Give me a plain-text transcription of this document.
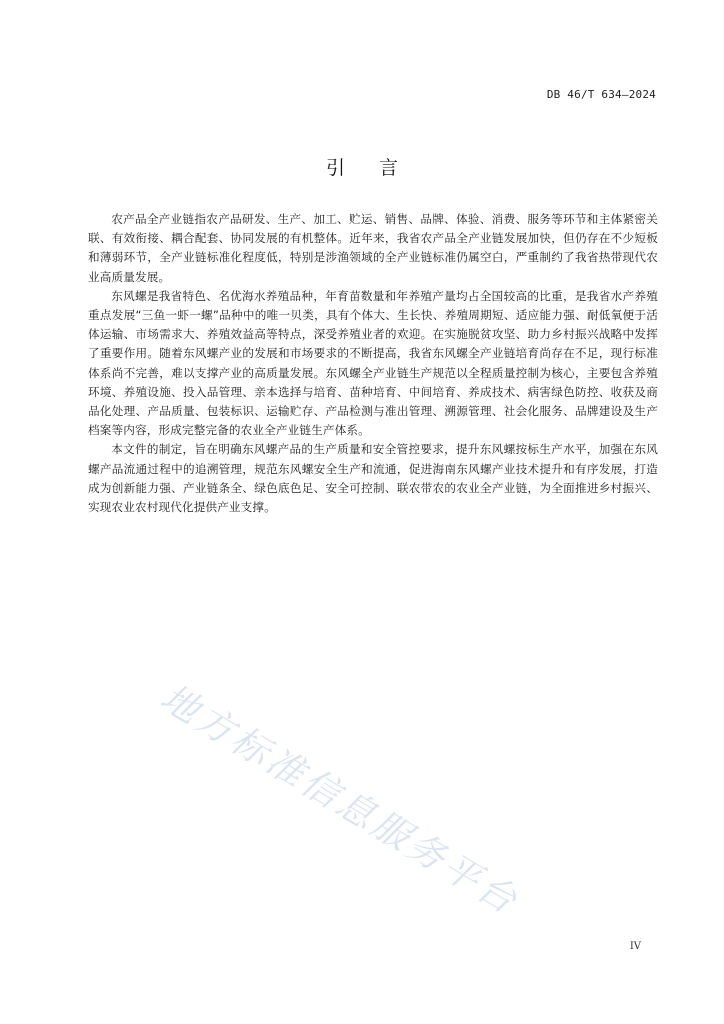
DB 46/T 634—2024
引言

农产品全产业链指农产品研发、生产、加工、贮运、销售、品牌、体验、消费、服务等环节和主体紧密关联、有效衔接、耦合配套、协同发展的有机整体。近年来，我省农产品全产业链发展加快，但仍存在不少短板和薄弱环节，全产业链标准化程度低，特别是涉渔领域的全产业链标准仍属空白，严重制约了我省热带现代农业高质量发展。

东风螺是我省特色、名优海水养殖品种，年育苗数量和年养殖产量均占全国较高的比重，是我省水产养殖重点发展“三鱼一虾一螺”品种中的唯一贝类，具有个体大、生长快、养殖周期短、适应能力强、耐低氧便于活体运输、市场需求大、养殖效益高等特点，深受养殖业者的欢迎。在实施脱贫攻坚、助力乡村振兴战略中发挥了重要作用。随着东风螺产业的发展和市场要求的不断提高，我省东风螺全产业链培育尚存在不足，现行标准体系尚不完善，难以支撑产业的高质量发展。东风螺全产业链生产规范以全程质量控制为核心，主要包含养殖环境、养殖设施、投入品管理、亲本选择与培育、苗种培育、中间培育、养成技术、病害绿色防控、收获及商品化处理、产品质量、包装标识、运输贮存、产品检测与准出管理、溯源管理、社会化服务、品牌建设及生产档案等内容，形成完整完备的农业全产业链生产体系。

本文件的制定，旨在明确东风螺产品的生产质量和安全管控要求，提升东风螺按标生产水平，加强在东风螺产品流通过程中的追溯管理，规范东风螺安全生产和流通，促进海南东风螺产业技术提升和有序发展，打造成为创新能力强、产业链条全、绿色底色足、安全可控制、联农带农的农业全产业链，为全面推进乡村振兴、实现农业农村现代化提供产业支撑。

地方标准信息服务平台
IV
